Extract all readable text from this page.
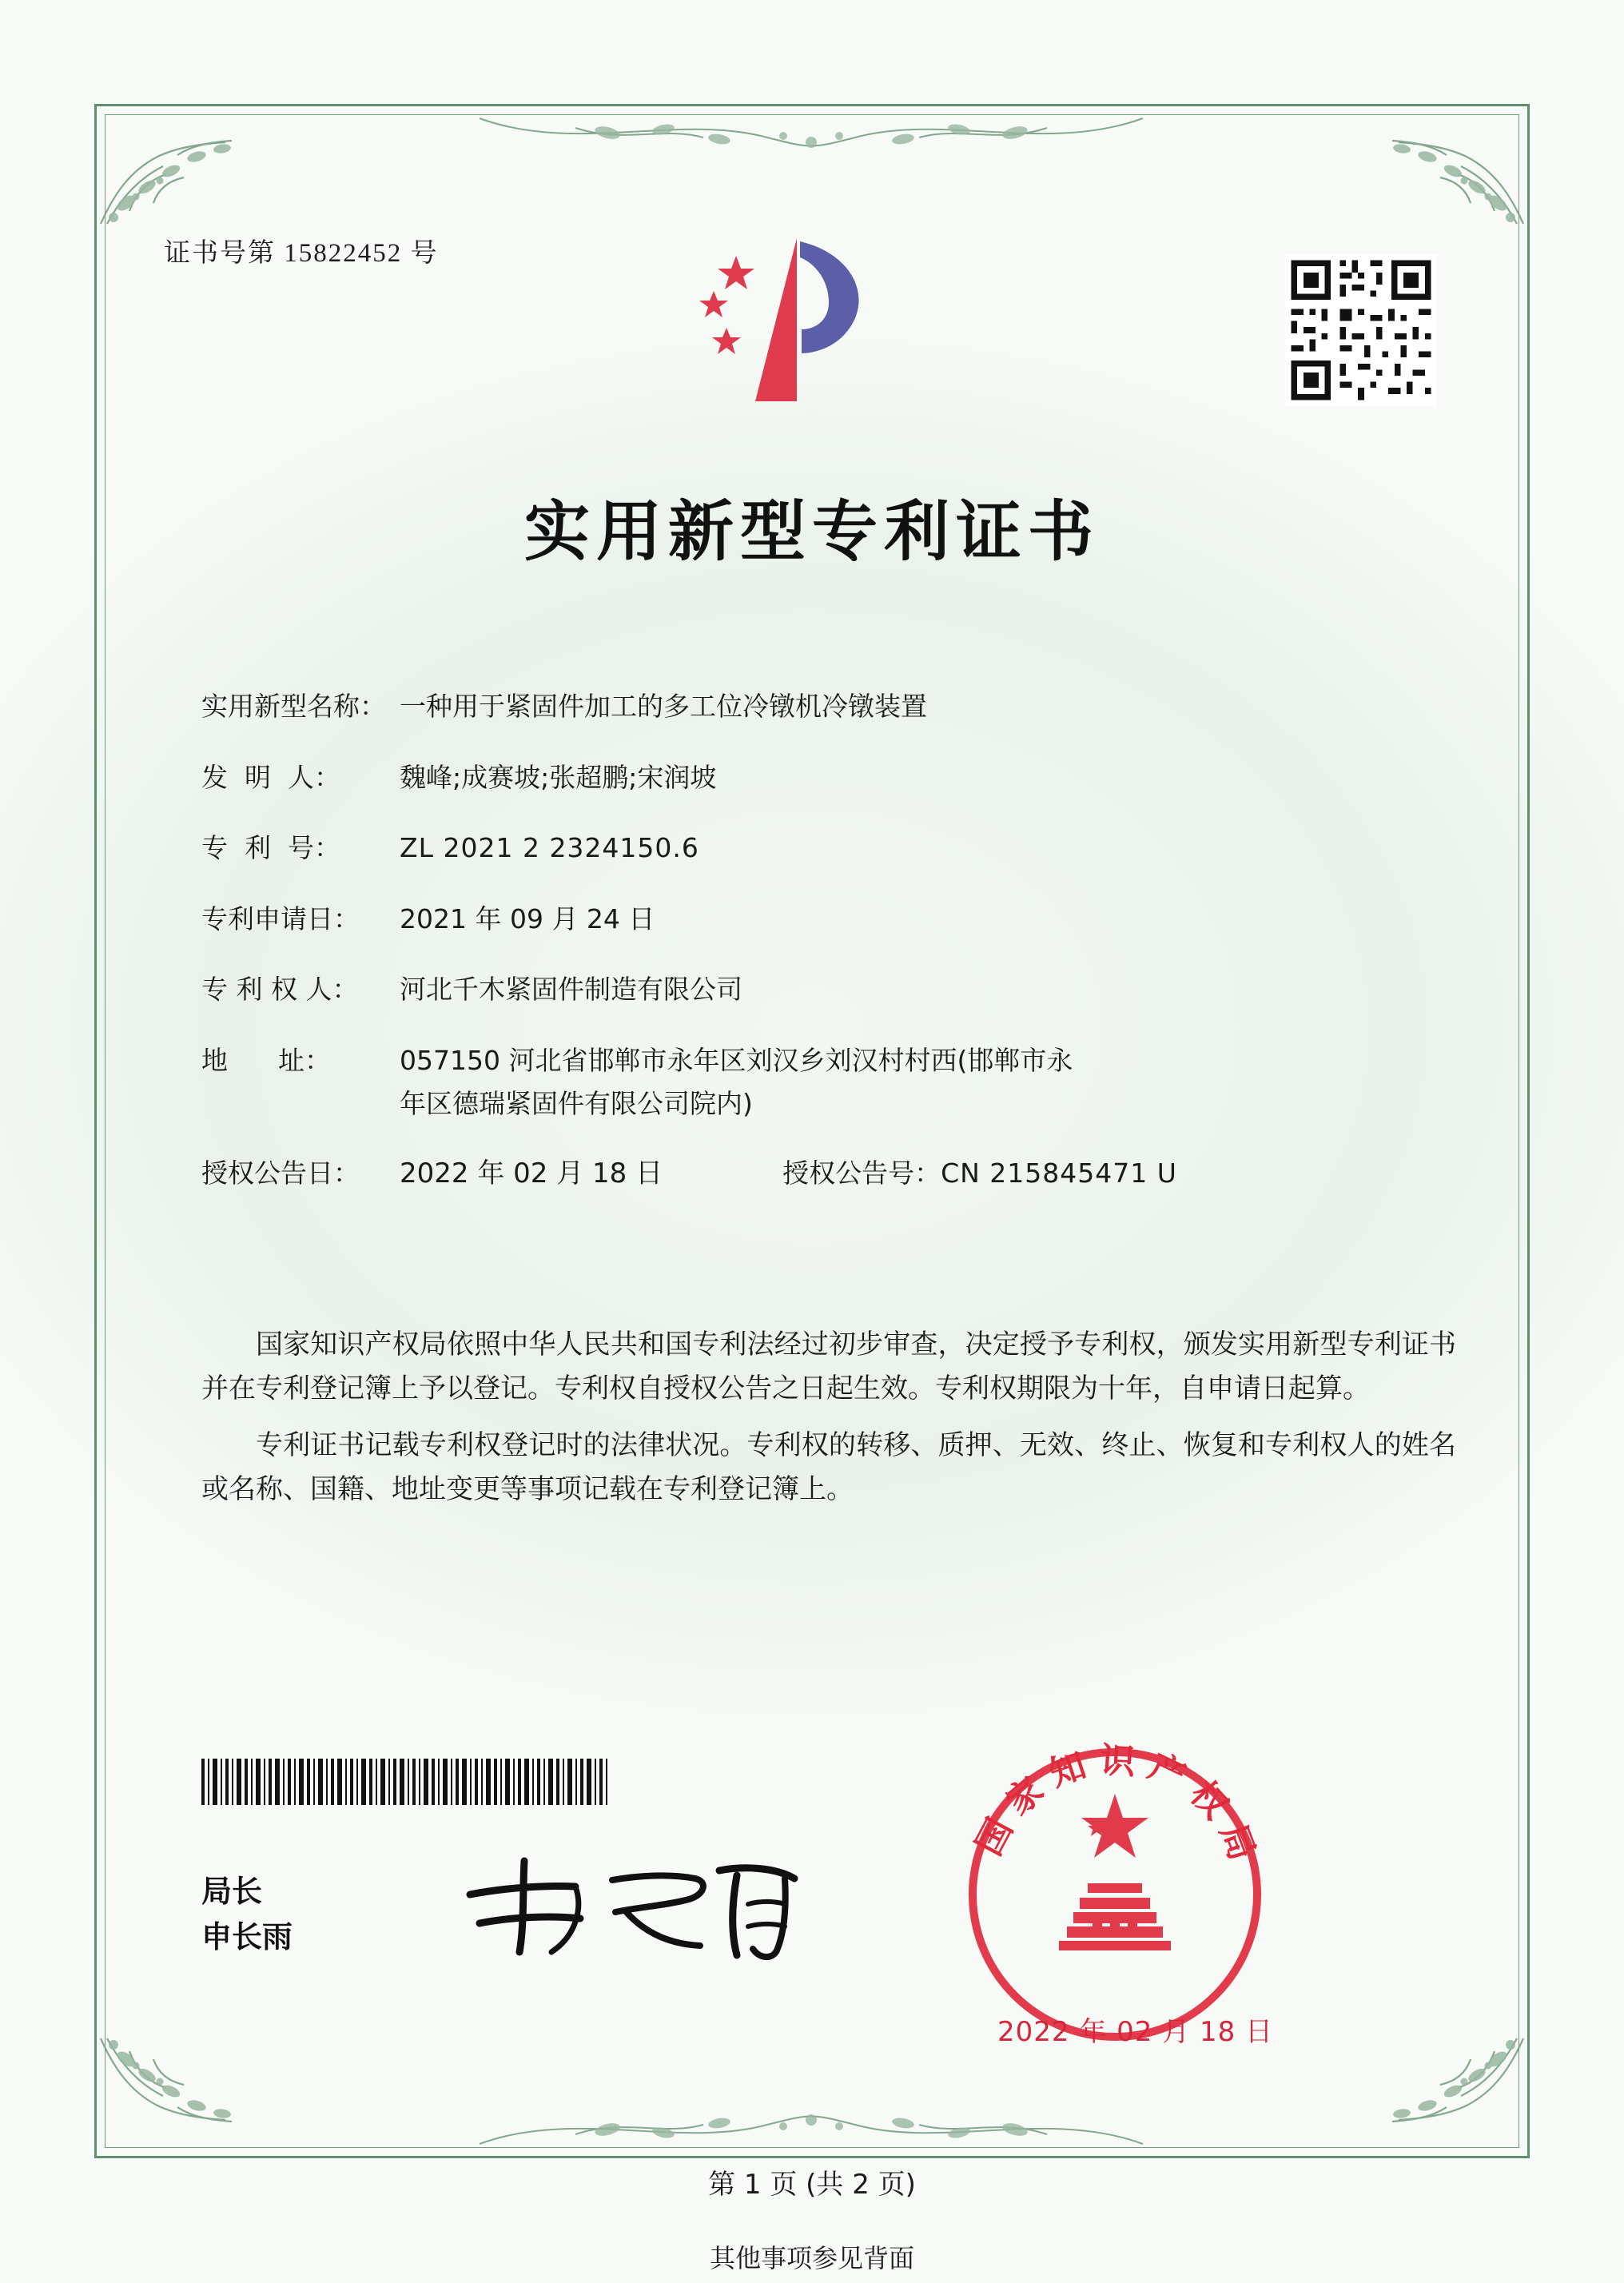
证书号第 15822452 号
实用新型专利证书
实用新型名称： 一种用于紧固件加工的多工位冷镦机冷镦装置
发  明  人：	魏峰;成赛坡;张超鹏;宋润坡
专  利  号：	ZL 2021 2 2324150.6
专利申请日：	2021 年 09 月 24 日
专 利 权 人：	河北千木紧固件制造有限公司
地      址：	057150 河北省邯郸市永年区刘汉乡刘汉村村西(邯郸市永
年区德瑞紧固件有限公司院内)
授权公告日：	2022 年 02 月 18 日	授权公告号： CN 215845471 U
国家知识产权局依照中华人民共和国专利法经过初步审查，决定授予专利权，颁发实用新型专利证书并在专利登记簿上予以登记。专利权自授权公告之日起生效。专利权期限为十年，自申请日起算。
专利证书记载专利权登记时的法律状况。专利权的转移、质押、无效、终止、恢复和专利权人的姓名或名称、国籍、地址变更等事项记载在专利登记簿上。
局长
申长雨
国家知识产权局
2022 年 02 月 18 日
第 1 页 (共 2 页)
其他事项参见背面
